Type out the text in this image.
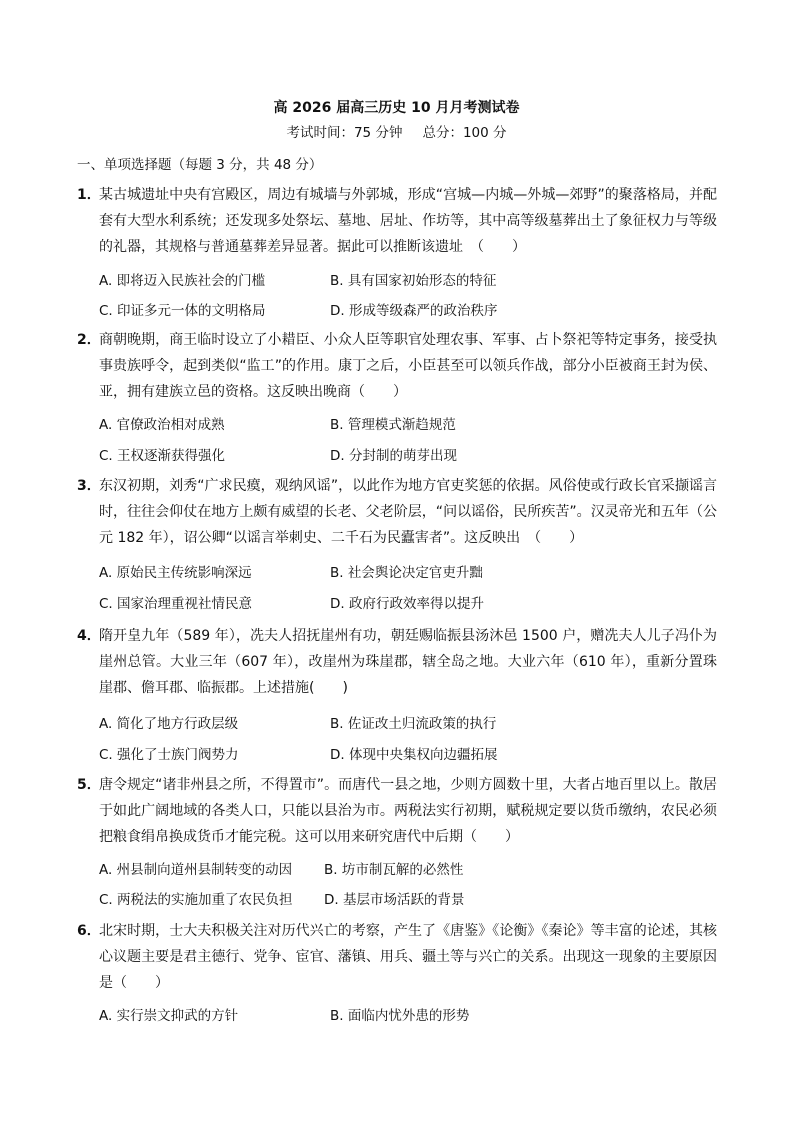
高 2026 届高三历史 10 月月考测试卷
考试时间：75 分钟 总分：100 分
一、单项选择题（每题 3 分，共 48 分）
1．
某古城遗址中央有宫殿区，周边有城墙与外郭城，形成“宫城—内城—外城—郊野”的聚落格局，并配套有大型水利系统；还发现多处祭坛、墓地、居址、作坊等，其中高等级墓葬出土了象征权力与等级的礼器，其规格与普通墓葬差异显著。据此可以推断该遗址　（　　）
A. 即将迈入民族社会的门槛	B. 具有国家初始形态的特征
C. 印证多元一体的文明格局	D. 形成等级森严的政治秩序
2．
商朝晚期，商王临时设立了小耤臣、小众人臣等职官处理农事、军事、占卜祭祀等特定事务，接受执事贵族呼令，起到类似“监工”的作用。康丁之后，小臣甚至可以领兵作战，部分小臣被商王封为侯、亚，拥有建族立邑的资格。这反映出晚商（　　）
A. 官僚政治相对成熟	B. 管理模式渐趋规范
C. 王权逐渐获得强化	D. 分封制的萌芽出现
3．
东汉初期，刘秀“广求民瘼，观纳风谣”，以此作为地方官吏奖惩的依据。风俗使或行政长官采撷谣言时，往往会仰仗在地方上颇有威望的长老、父老阶层，“问以谣俗，民所疾苦”。汉灵帝光和五年（公元 182 年），诏公卿“以谣言举刺史、二千石为民蠹害者”。这反映出　（　　）
A. 原始民主传统影响深远	B. 社会舆论决定官吏升黜
C. 国家治理重视社情民意	D. 政府行政效率得以提升
4．
隋开皇九年（589 年），冼夫人招抚崖州有功，朝廷赐临振县汤沐邑 1500 户，赠冼夫人儿子冯仆为崖州总管。大业三年（607 年），改崖州为珠崖郡，辖全岛之地。大业六年（610 年），重新分置珠崖郡、儋耳郡、临振郡。上述措施(　　)
A. 简化了地方行政层级	B. 佐证改土归流政策的执行
C. 强化了士族门阀势力	D. 体现中央集权向边疆拓展
5．
唐令规定“诸非州县之所，不得置市”。而唐代一县之地，少则方圆数十里，大者占地百里以上。散居于如此广阔地域的各类人口，只能以县治为市。两税法实行初期，赋税规定要以货币缴纳，农民必须把粮食绢帛换成货币才能完税。这可以用来研究唐代中后期（　　）
A. 州县制向道州县制转变的动因 B. 坊市制瓦解的必然性
C. 两税法的实施加重了农民负担 D. 基层市场活跃的背景
6．
北宋时期，士大夫积极关注对历代兴亡的考察，产生了《唐鉴》《论衡》《秦论》等丰富的论述，其核心议题主要是君主德行、党争、宦官、藩镇、用兵、疆土等与兴亡的关系。出现这一现象的主要原因是（　　）
A. 实行崇文抑武的方针	B. 面临内忧外患的形势
